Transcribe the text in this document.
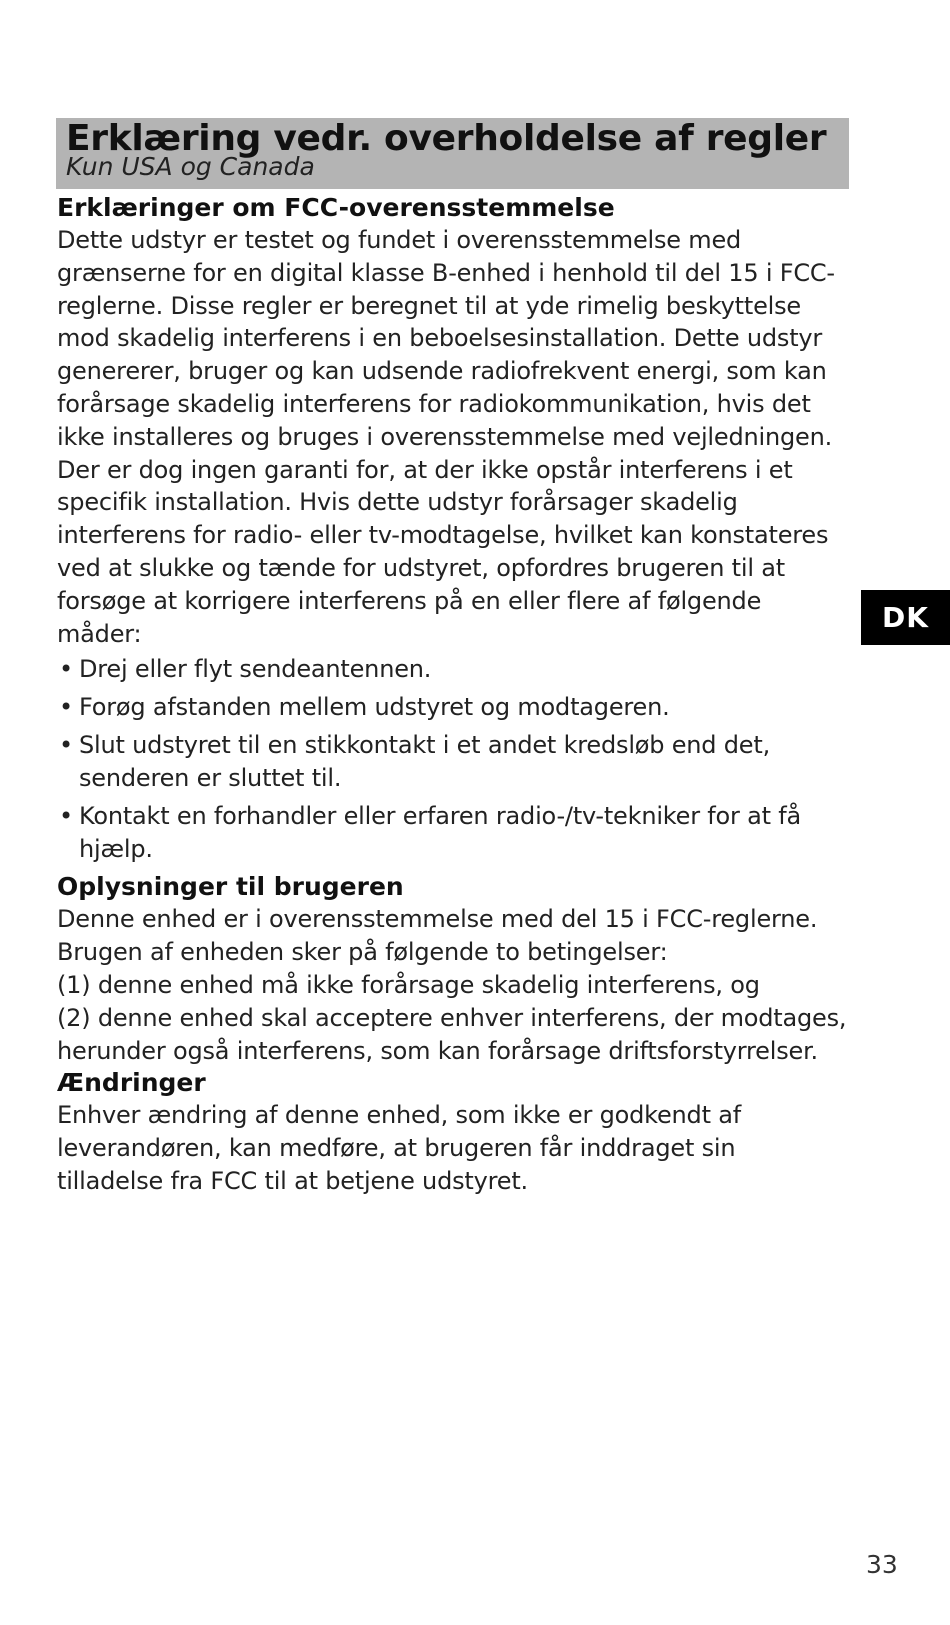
Erklæring vedr. overholdelse af regler
Kun USA og Canada
Erklæringer om FCC-overensstemmelse

Dette udstyr er testet og fundet i overensstemmelse med grænserne for en digital klasse B-enhed i henhold til del 15 i FCC-reglerne. Disse regler er beregnet til at yde rimelig beskyttelse mod skadelig interferens i en beboelsesinstallation. Dette udstyr genererer, bruger og kan udsende radiofrekvent energi, som kan forårsage skadelig interferens for radiokommunikation, hvis det ikke installeres og bruges i overensstemmelse med vejledningen. Der er dog ingen garanti for, at der ikke opstår interferens i et specifik installation. Hvis dette udstyr forårsager skadelig interferens for radio- eller tv-modtagelse, hvilket kan konstateres ved at slukke og tænde for udstyret, opfordres brugeren til at forsøge at korrigere interferens på en eller flere af følgende måder:

• Drej eller flyt sendeantennen.
• Forøg afstanden mellem udstyret og modtageren.
• Slut udstyret til en stikkontakt i et andet kredsløb end det, senderen er sluttet til.
• Kontakt en forhandler eller erfaren radio-/tv-tekniker for at få hjælp.
Oplysninger til brugeren

Denne enhed er i overensstemmelse med del 15 i FCC-reglerne. Brugen af enheden sker på følgende to betingelser:

(1) denne enhed må ikke forårsage skadelig interferens, og

(2) denne enhed skal acceptere enhver interferens, der modtages, herunder også interferens, som kan forårsage driftsforstyrrelser.

Ændringer

Enhver ændring af denne enhed, som ikke er godkendt af leverandøren, kan medføre, at brugeren får inddraget sin tilladelse fra FCC til at betjene udstyret.

DK
33
